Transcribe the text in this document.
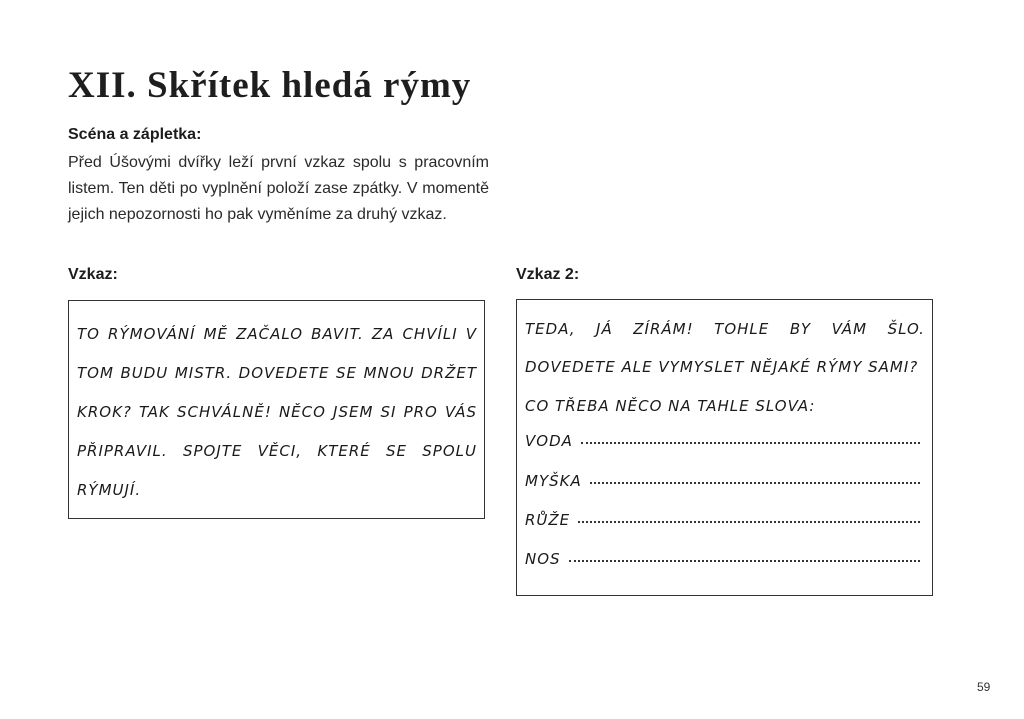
XII. Skřítek hledá rýmy
Scéna a zápletka:

Před Úšovými dvířky leží první vzkaz spolu s pracovním listem. Ten děti po vyplnění položí zase zpátky. V momentě jejich nepozornosti ho pak vyměníme za druhý vzkaz.

Vzkaz:	Vzkaz 2:

TO RÝMOVÁNÍ MĚ ZAČALO BAVIT. ZA CHVÍLI V TOM BUDU MISTR. DOVEDETE SE MNOU DRŽET KROK? TAK SCHVÁLNĚ! NĚCO JSEM SI PRO VÁS PŘIPRAVIL. SPOJTE VĚCI, KTERÉ SE SPOLU RÝMUJÍ.

TEDA, JÁ ZÍRÁM! TOHLE BY VÁM ŠLO.

DOVEDETE ALE VYMYSLET NĚJAKÉ RÝMY SAMI?

CO TŘEBA NĚCO NA TAHLE SLOVA:

VODA
MYŠKA
RŮŽE
NOS
59
